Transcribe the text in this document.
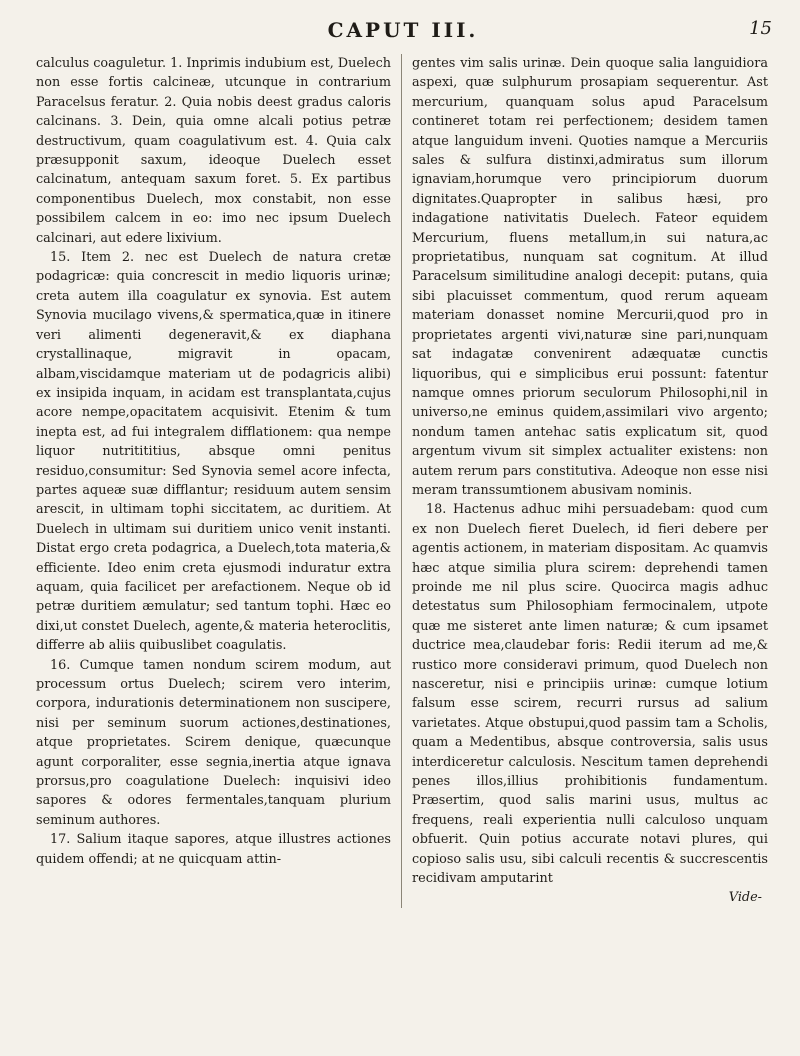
CAPUT III.	15

calculus coaguletur. 1. Inprimis indubium est, Duelech non esse fortis calcineæ, utcunque in contrarium Paracelsus feratur. 2. Quia nobis deest gradus caloris calcinans. 3. Dein, quia omne alcali potius petræ destructivum, quam coagulativum est. 4. Quia calx præsupponit saxum, ideoque Duelech esset calcinatum, antequam saxum foret. 5. Ex partibus componentibus Duelech, mox constabit, non esse possibilem calcem in eo: imo nec ipsum Duelech calcinari, aut edere lixivium.

15. Item 2. nec est Duelech de natura cretæ podagricæ: quia concrescit in medio liquoris urinæ; creta autem illa coagulatur ex synovia. Est autem Synovia mucilago vivens,& spermatica,quæ in itinere veri alimenti degeneravit,& ex diaphana crystallinaque, migravit in opacam, albam,viscidamque materiam ut de podagricis alibi) ex insipida inquam, in acidam est transplantata,cujus acore nempe,opacitatem acquisivit. Etenim & tum inepta est, ad fui integralem difflationem: qua nempe liquor nutritititius, absque omni penitus residuo,consumitur: Sed Synovia semel acore infecta, partes aqueæ suæ difflantur; residuum autem sensim arescit, in ultimam tophi siccitatem, ac duritiem. At Duelech in ultimam sui duritiem unico venit instanti. Distat ergo creta podagrica, a Duelech,tota materia,& efficiente. Ideo enim creta ejusmodi induratur extra aquam, quia facilicet per arefactionem. Neque ob id petræ duritiem æmulatur; sed tantum tophi. Hæc eo dixi,ut constet Duelech, agente,& materia heteroclitis, differre ab aliis quibuslibet coagulatis.

16. Cumque tamen nondum scirem modum, aut processum ortus Duelech; scirem vero interim, corpora, indurationis determinationem non suscipere, nisi per seminum suorum actiones,destinationes, atque proprietates. Scirem denique, quæcunque agunt corporaliter, esse segnia,inertia atque ignava prorsus,pro coagulatione Duelech: inquisivi ideo sapores & odores fermentales,tanquam plurium seminum authores.

17. Salium itaque sapores, atque illustres actiones quidem offendi; at ne quicquam attin-

gentes vim salis urinæ. Dein quoque salia languidiora aspexi, quæ sulphurum prosapiam sequerentur. Ast mercurium, quanquam solus apud Paracelsum contineret totam rei perfectionem; desidem tamen atque languidum inveni. Quoties namque a Mercuriis sales & sulfura distinxi,admiratus sum illorum ignaviam,horumque vero principiorum duorum dignitates.Quapropter in salibus hæsi, pro indagatione nativitatis Duelech. Fateor equidem Mercurium, fluens metallum,in sui natura,ac proprietatibus, nunquam sat cognitum. At illud Paracelsum similitudine analogi decepit: putans, quia sibi placuisset commentum, quod rerum aqueam materiam donasset nomine Mercurii,quod pro in proprietates argenti vivi,naturæ sine pari,nunquam sat indagatæ convenirent adæquatæ cunctis liquoribus, qui e simplicibus erui possunt: fatentur namque omnes priorum seculorum Philosophi,nil in universo,ne eminus quidem,assimilari vivo argento; nondum tamen antehac satis explicatum sit, quod argentum vivum sit simplex actualiter existens: non autem rerum pars constitutiva. Adeoque non esse nisi meram transsumtionem abusivam nominis.

18. Hactenus adhuc mihi persuadebam: quod cum ex non Duelech fieret Duelech, id fieri debere per agentis actionem, in materiam dispositam. Ac quamvis hæc atque similia plura scirem: deprehendi tamen proinde me nil plus scire. Quocirca magis adhuc detestatus sum Philosophiam fermocinalem, utpote quæ me sisteret ante limen naturæ; & cum ipsamet ductrice mea,claudebar foris: Redii iterum ad me,& rustico more consideravi primum, quod Duelech non nasceretur, nisi e principiis urinæ: cumque lotium falsum esse scirem, recurri rursus ad salium varietates. Atque obstupui,quod passim tam a Scholis, quam a Medentibus, absque controversia, salis usus interdiceretur calculosis. Nescitum tamen deprehendi penes illos,illius prohibitionis fundamentum. Præsertim, quod salis marini usus, multus ac frequens, reali experientia nulli calculoso unquam obfuerit. Quin potius accurate notavi plures, qui copioso salis usu, sibi calculi recentis & succrescentis recidivam amputarint

Vide-
